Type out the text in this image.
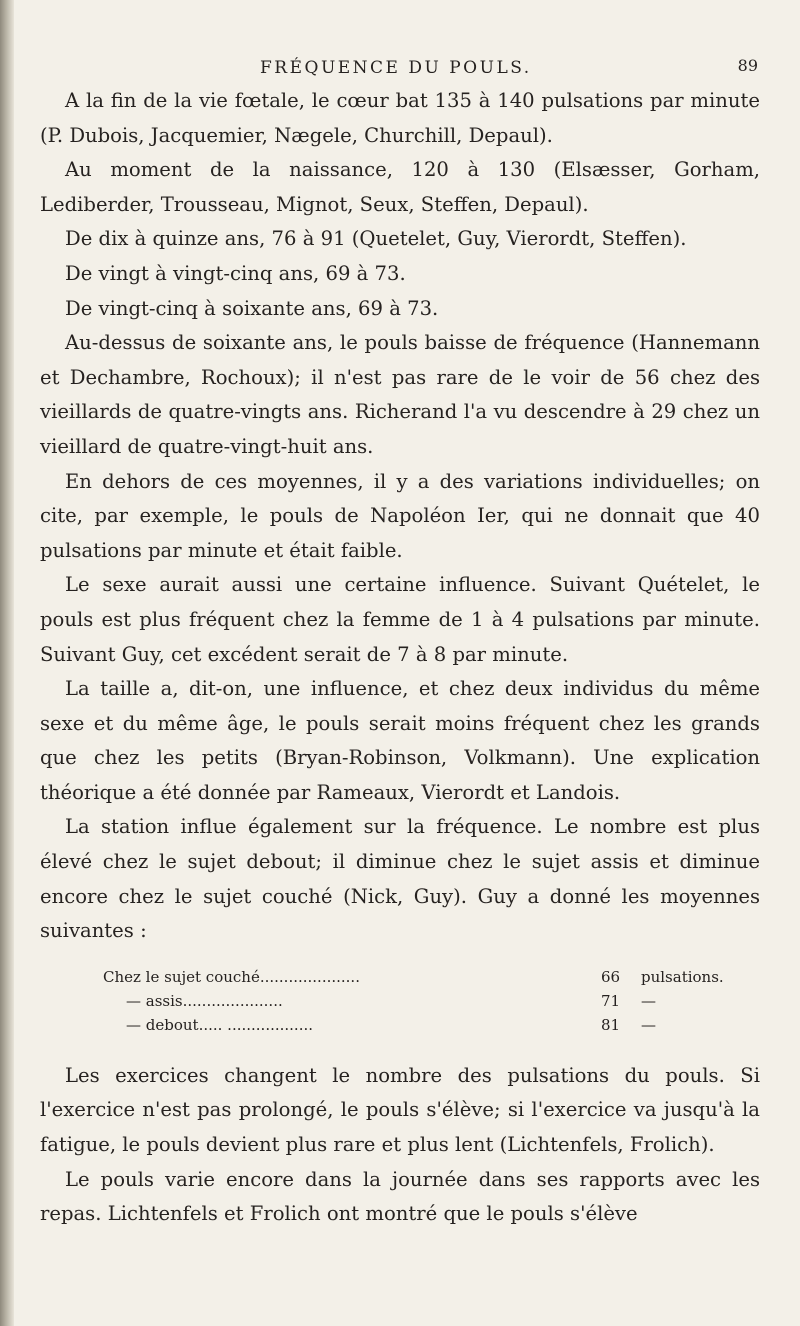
FRÉQUENCE DU POULS.	89

A la fin de la vie fœtale, le cœur bat 135 à 140 pulsations par minute (P. Dubois, Jacquemier, Nægele, Churchill, Depaul).

Au moment de la naissance, 120 à 130 (Elsæsser, Gorham, Lediberder, Trousseau, Mignot, Seux, Steffen, Depaul).

De dix à quinze ans, 76 à 91 (Quetelet, Guy, Vierordt, Steffen).

De vingt à vingt-cinq ans, 69 à 73.

De vingt-cinq à soixante ans, 69 à 73.

Au-dessus de soixante ans, le pouls baisse de fréquence (Hannemann et Dechambre, Rochoux); il n'est pas rare de le voir de 56 chez des vieillards de quatre-vingts ans. Richerand l'a vu descendre à 29 chez un vieillard de quatre-vingt-huit ans.

En dehors de ces moyennes, il y a des variations individuelles; on cite, par exemple, le pouls de Napoléon Ier, qui ne donnait que 40 pulsations par minute et était faible.

Le sexe aurait aussi une certaine influence. Suivant Quételet, le pouls est plus fréquent chez la femme de 1 à 4 pulsations par minute. Suivant Guy, cet excédent serait de 7 à 8 par minute.

La taille a, dit-on, une influence, et chez deux individus du même sexe et du même âge, le pouls serait moins fréquent chez les grands que chez les petits (Bryan-Robinson, Volkmann). Une explication théorique a été donnée par Rameaux, Vierordt et Landois.

La station influe également sur la fréquence. Le nombre est plus élevé chez le sujet debout; il diminue chez le sujet assis et diminue encore chez le sujet couché (Nick, Guy). Guy a donné les moyennes suivantes :

Chez le sujet couché.....................	66 pulsations.
— assis.....................	71 —
— debout..... ..................	81 —

Les exercices changent le nombre des pulsations du pouls. Si l'exercice n'est pas prolongé, le pouls s'élève; si l'exercice va jusqu'à la fatigue, le pouls devient plus rare et plus lent (Lichtenfels, Frolich).

Le pouls varie encore dans la journée dans ses rapports avec les repas. Lichtenfels et Frolich ont montré que le pouls s'élève
